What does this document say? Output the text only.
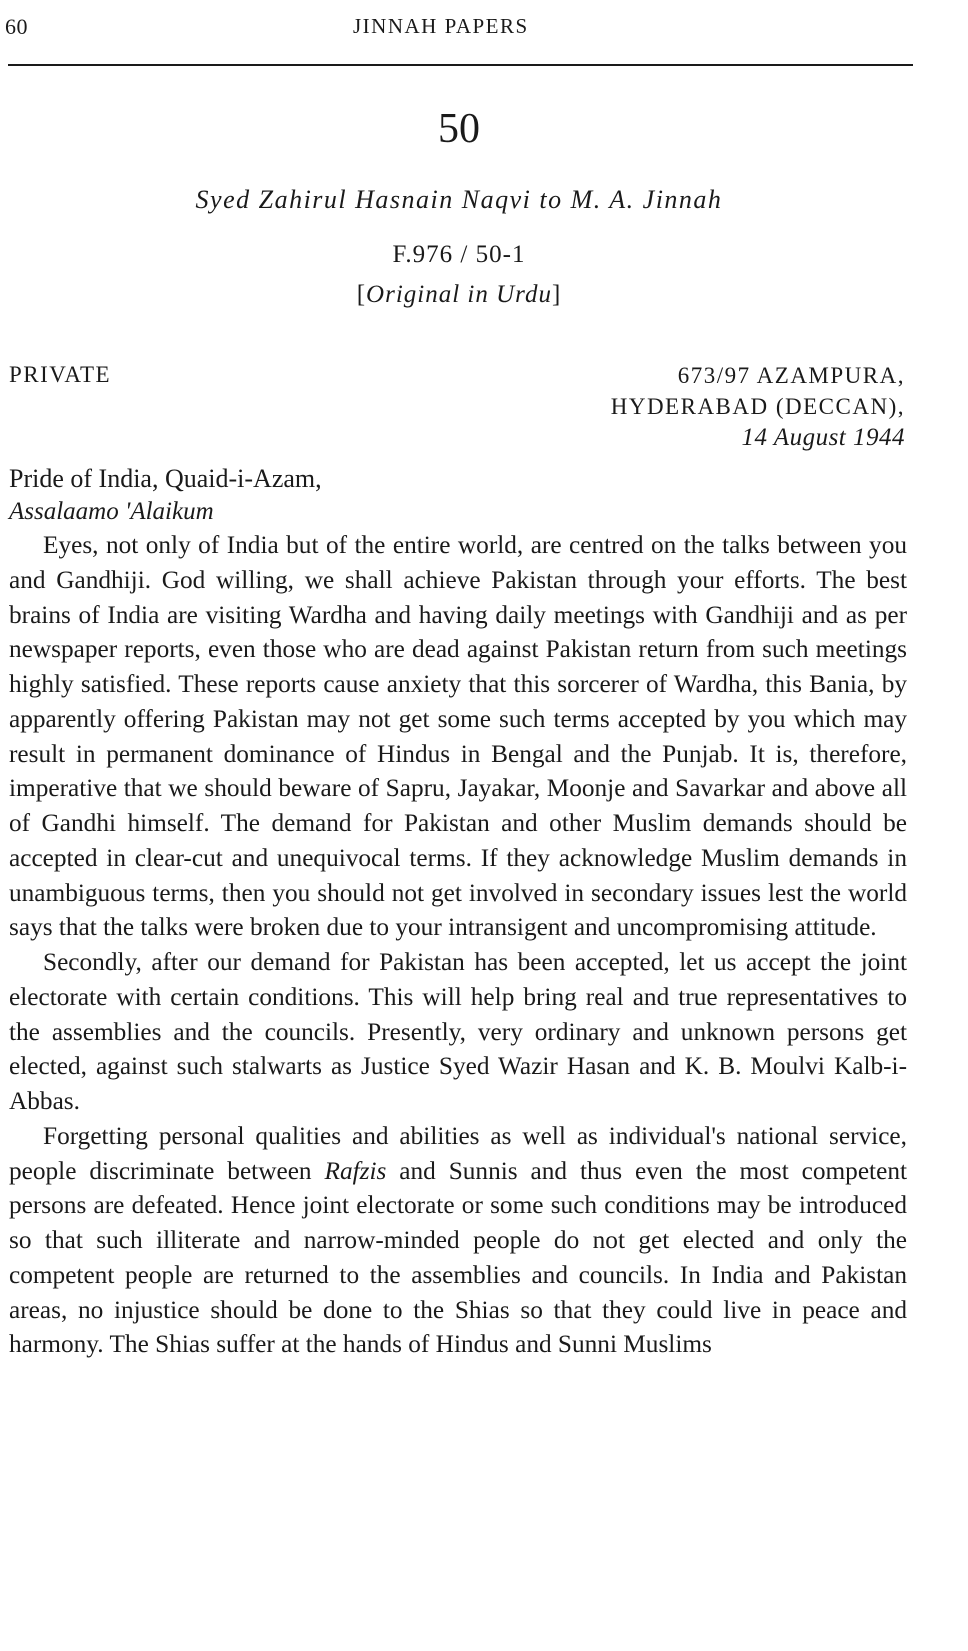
60	JINNAH PAPERS
50
Syed Zahirul Hasnain Naqvi to M. A. Jinnah
F.976 / 50-1
[Original in Urdu]
PRIVATE	673/97 AZAMPURA,
HYDERABAD (DECCAN),
14 August 1944
Pride of India, Quaid-i-Azam,
Assalaamo 'Alaikum

Eyes, not only of India but of the entire world, are centred on the talks between you and Gandhiji. God willing, we shall achieve Pakistan through your efforts. The best brains of India are visiting Wardha and having daily meetings with Gandhiji and as per newspaper reports, even those who are dead against Pakistan return from such meetings highly satisfied. These reports cause anxiety that this sorcerer of Wardha, this Bania, by apparently offering Pakistan may not get some such terms accepted by you which may result in permanent dominance of Hindus in Bengal and the Punjab. It is, therefore, imperative that we should beware of Sapru, Jayakar, Moonje and Savarkar and above all of Gandhi himself. The demand for Pakistan and other Muslim demands should be accepted in clear-cut and unequivocal terms. If they acknowledge Muslim demands in unambiguous terms, then you should not get involved in secondary issues lest the world says that the talks were broken due to your intransigent and uncompromising attitude.

Secondly, after our demand for Pakistan has been accepted, let us accept the joint electorate with certain conditions. This will help bring real and true representatives to the assemblies and the councils. Presently, very ordinary and unknown persons get elected, against such stalwarts as Justice Syed Wazir Hasan and K. B. Moulvi Kalb-i-Abbas.

Forgetting personal qualities and abilities as well as individual's national service, people discriminate between Rafzis and Sunnis and thus even the most competent persons are defeated. Hence joint electorate or some such conditions may be introduced so that such illiterate and narrow-minded people do not get elected and only the competent people are returned to the assemblies and councils. In India and Pakistan areas, no injustice should be done to the Shias so that they could live in peace and harmony. The Shias suffer at the hands of Hindus and Sunni Muslims
